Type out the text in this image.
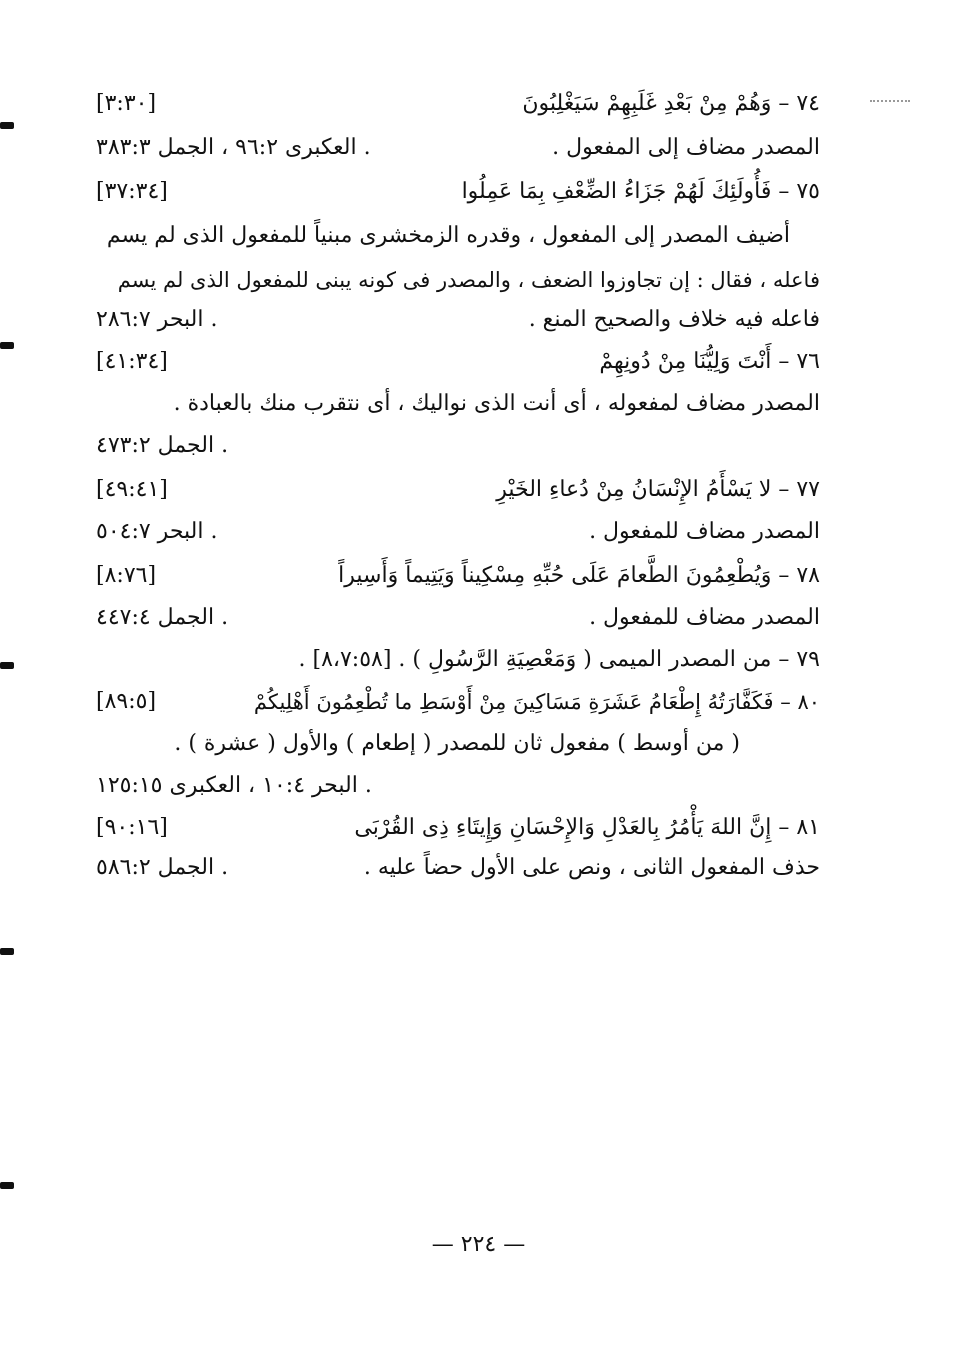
٧٤ – وَهُمْ مِنْ بَعْدِ غَلَبِهِمْ سَيَغْلِبُونَ
[٣:٣٠]
المصدر مضاف إلى المفعول .
العكبرى ٩٦:٢ ، الجمل ٣٨٣:٣ .
٧٥ – فَأُولَئِكَ لَهُمْ جَزَاءُ الضِّعْفِ بِمَا عَمِلُوا
[٣٧:٣٤]
أضيف المصدر إلى المفعول ، وقدره الزمخشرى مبنياً للمفعول الذى لم يسم
فاعله ، فقال : إن تجاوزوا الضعف ، والمصدر فى كونه يبنى للمفعول الذى لم يسم
فاعله فيه خلاف والصحيح المنع .
البحر ٢٨٦:٧ .
٧٦ – أَنْتَ وَلِيُّنَا مِنْ دُونِهِمْ
[٤١:٣٤]
المصدر مضاف لمفعوله ، أى أنت الذى نواليك ، أى نتقرب منك بالعبادة .
الجمل ٤٧٣:٢ .
٧٧ – لا يَسْأَمُ الإِنْسَانُ مِنْ دُعاءِ الخَيْرِ
[٤٩:٤١]
المصدر مضاف للمفعول .
البحر ٥٠٤:٧ .
٧٨ – وَيُطْعِمُونَ الطَّعامَ عَلَى حُبِّهِ مِسْكِيناً وَيَتِيماً وَأَسِيراً
[٨:٧٦]
المصدر مضاف للمفعول .
الجمل ٤٤٧:٤ .
٧٩ – من المصدر الميمى ( وَمَعْصِيَةِ الرَّسُولِ ) . [٨،٧:٥٨] .
٨٠ – فَكَفَّارَتُهُ إِطْعَامُ عَشَرَةِ مَسَاكِينَ مِنْ أَوْسَطِ ما تُطْعِمُونَ أَهْلِيكُمْ
[٨٩:٥]
( من أوسط ) مفعول ثان للمصدر ( إطعام ) والأول ( عشرة ) .
البحر ١٠:٤ ، العكبرى ١٢٥:١٥ .
٨١ – إِنَّ اللهَ يَأْمُرُ بِالعَدْلِ وَالإِحْسَانِ وَإِيتَاءِ ذِى القُرْبَى
[٩٠:١٦]
حذف المفعول الثانى ، ونص على الأول حضاً عليه .
الجمل ٥٨٦:٢ .
— ٢٢٤ —
